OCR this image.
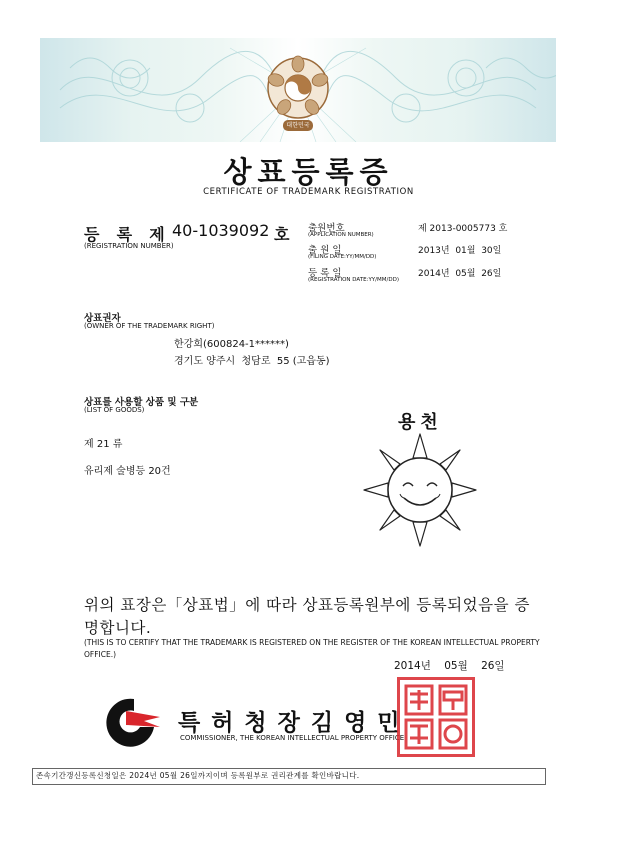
대한민국
상표등록증
CERTIFICATE OF TRADEMARK REGISTRATION
등  록  제 40-1039092 호
(REGISTRATION NUMBER)
출원번호
(APPLICATION NUMBER)
제 2013-0005773 호
출 원 일
(FILING DATE:YY/MM/DD)
2013년  01월  30일
등 록 일
(REGISTRATION DATE:YY/MM/DD)
2014년  05월  26일
상표권자
(OWNER OF THE TRADEMARK RIGHT)
한강희(600824-1******)
경기도 양주시  청담로  55 (고읍동)
상표를 사용할 상품 및 구분
(LIST OF GOODS)
제 21 류
유리제 술병등 20건
용천
위의 표장은「상표법」에 따라 상표등록원부에 등록되었음을 증명합니다.
(THIS IS TO CERTIFY THAT THE TRADEMARK IS REGISTERED ON THE REGISTER OF THE KOREAN INTELLECTUAL PROPERTY OFFICE.)
2014년    05월    26일
특허청장김영민
COMMISSIONER, THE KOREAN INTELLECTUAL PROPERTY OFFICE
존속기간갱신등록신청일은 2024년 05월 26일까지이며 등록원부로 권리관계를 확인바랍니다.
